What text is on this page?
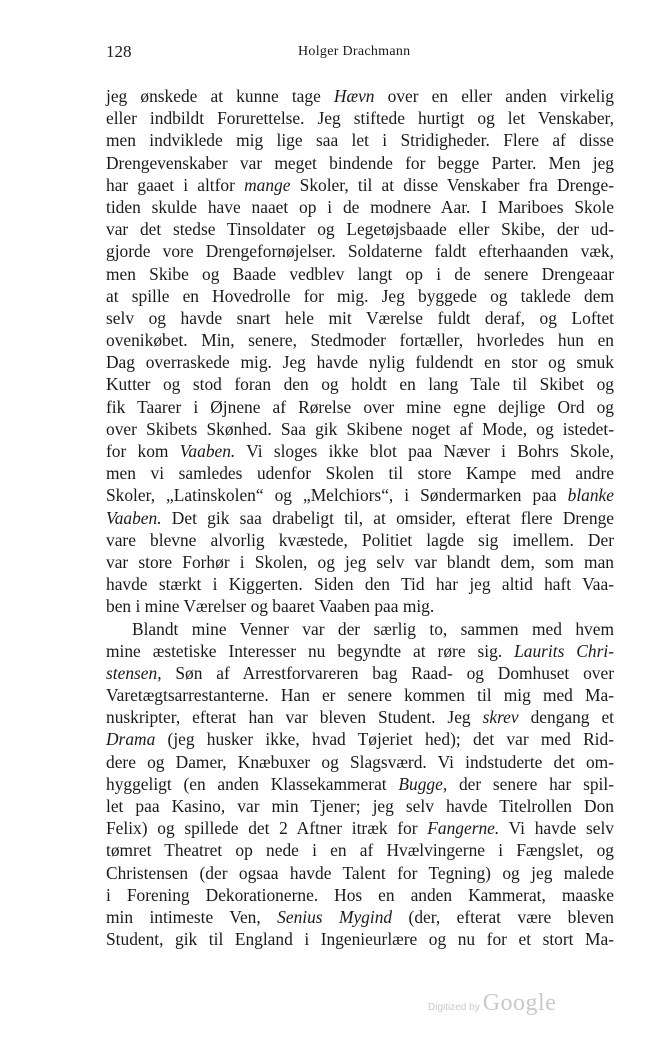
128	Holger Drachmann
jeg ønskede at kunne tage Hævn over en eller anden virkelig
eller indbildt Forurettelse. Jeg stiftede hurtigt og let Venskaber,
men indviklede mig lige saa let i Stridigheder. Flere af disse
Drengevenskaber var meget bindende for begge Parter. Men jeg
har gaaet i altfor mange Skoler, til at disse Venskaber fra Drenge-
tiden skulde have naaet op i de modnere Aar. I Mariboes Skole
var det stedse Tinsoldater og Legetøjsbaade eller Skibe, der ud-
gjorde vore Drengefornøjelser. Soldaterne faldt efterhaanden væk,
men Skibe og Baade vedblev langt op i de senere Drengeaar
at spille en Hovedrolle for mig. Jeg byggede og taklede dem
selv og havde snart hele mit Værelse fuldt deraf, og Loftet
ovenikøbet. Min, senere, Stedmoder fortæller, hvorledes hun en
Dag overraskede mig. Jeg havde nylig fuldendt en stor og smuk
Kutter og stod foran den og holdt en lang Tale til Skibet og
fik Taarer i Øjnene af Rørelse over mine egne dejlige Ord og
over Skibets Skønhed. Saa gik Skibene noget af Mode, og istedet-
for kom Vaaben. Vi sloges ikke blot paa Næver i Bohrs Skole,
men vi samledes udenfor Skolen til store Kampe med andre
Skoler, „Latinskolen“ og „Melchiors“, i Søndermarken paa blanke
Vaaben. Det gik saa drabeligt til, at omsider, efterat flere Drenge
vare blevne alvorlig kvæstede, Politiet lagde sig imellem. Der
var store Forhør i Skolen, og jeg selv var blandt dem, som man
havde stærkt i Kiggerten. Siden den Tid har jeg altid haft Vaa-
ben i mine Værelser og baaret Vaaben paa mig.
Blandt mine Venner var der særlig to, sammen med hvem
mine æstetiske Interesser nu begyndte at røre sig. Laurits Chri-
stensen, Søn af Arrestforvareren bag Raad- og Domhuset over
Varetægtsarrestanterne. Han er senere kommen til mig med Ma-
nuskripter, efterat han var bleven Student. Jeg skrev dengang et
Drama (jeg husker ikke, hvad Tøjeriet hed); det var med Rid-
dere og Damer, Knæbuxer og Slagsværd. Vi indstuderte det om-
hyggeligt (en anden Klassekammerat Bugge, der senere har spil-
let paa Kasino, var min Tjener; jeg selv havde Titelrollen Don
Felix) og spillede det 2 Aftner itræk for Fangerne. Vi havde selv
tømret Theatret op nede i en af Hvælvingerne i Fængslet, og
Christensen (der ogsaa havde Talent for Tegning) og jeg malede
i Forening Dekorationerne. Hos en anden Kammerat, maaske
min intimeste Ven, Senius Mygind (der, efterat være bleven
Student, gik til England i Ingenieurlære og nu for et stort Ma-
Digitized by Google
